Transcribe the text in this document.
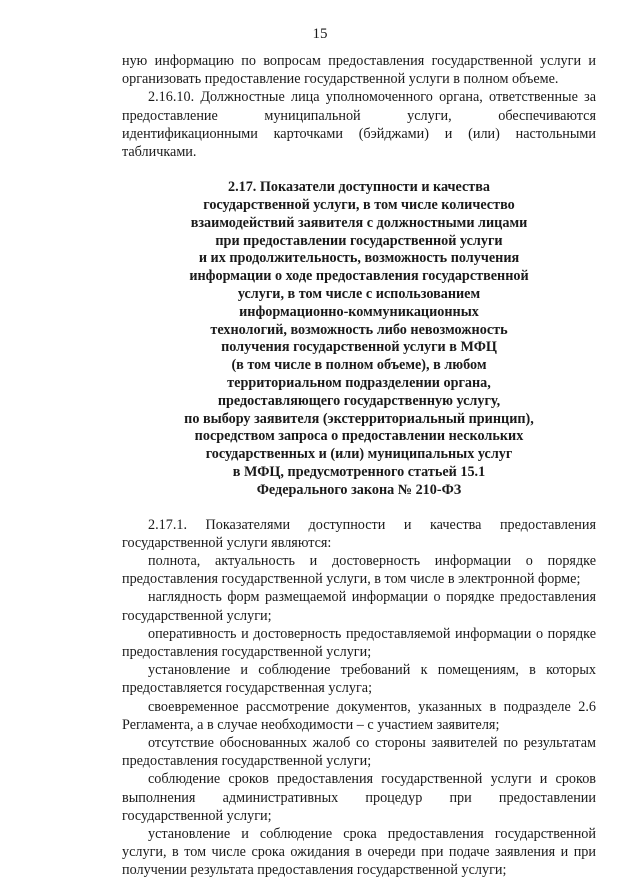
15

ную информацию по вопросам предоставления государственной услуги и организовать предоставление государственной услуги в полном объеме.

2.16.10. Должностные лица уполномоченного органа, ответственные за предоставление муниципальной услуги, обеспечиваются идентификационными карточками (бэйджами) и (или) настольными табличками.

2.17. Показатели доступности и качества
государственной услуги, в том числе количество
взаимодействий заявителя с должностными лицами
при предоставлении государственной услуги
и их продолжительность, возможность получения
информации о ходе предоставления государственной
услуги, в том числе с использованием
информационно-коммуникационных
технологий, возможность либо невозможность
получения государственной услуги в МФЦ
(в том числе в полном объеме), в любом
территориальном подразделении органа,
предоставляющего государственную услугу,
по выбору заявителя (экстерриториальный принцип),
посредством запроса о предоставлении нескольких
государственных и (или) муниципальных услуг
в МФЦ, предусмотренного статьей 15.1
Федерального закона № 210-ФЗ

2.17.1. Показателями доступности и качества предоставления государственной услуги являются:

полнота, актуальность и достоверность информации о порядке предоставления государственной услуги, в том числе в электронной форме;

наглядность форм размещаемой информации о порядке предоставления государственной услуги;

оперативность и достоверность предоставляемой информации о порядке предоставления государственной услуги;

установление и соблюдение требований к помещениям, в которых предоставляется государственная услуга;

своевременное рассмотрение документов, указанных в подразделе 2.6 Регламента, а в случае необходимости – с участием заявителя;

отсутствие обоснованных жалоб со стороны заявителей по результатам предоставления государственной услуги;

соблюдение сроков предоставления государственной услуги и сроков выполнения административных процедур при предоставлении государственной услуги;

установление и соблюдение срока предоставления государственной услуги, в том числе срока ожидания в очереди при подаче заявления и при получении результата предоставления государственной услуги;
